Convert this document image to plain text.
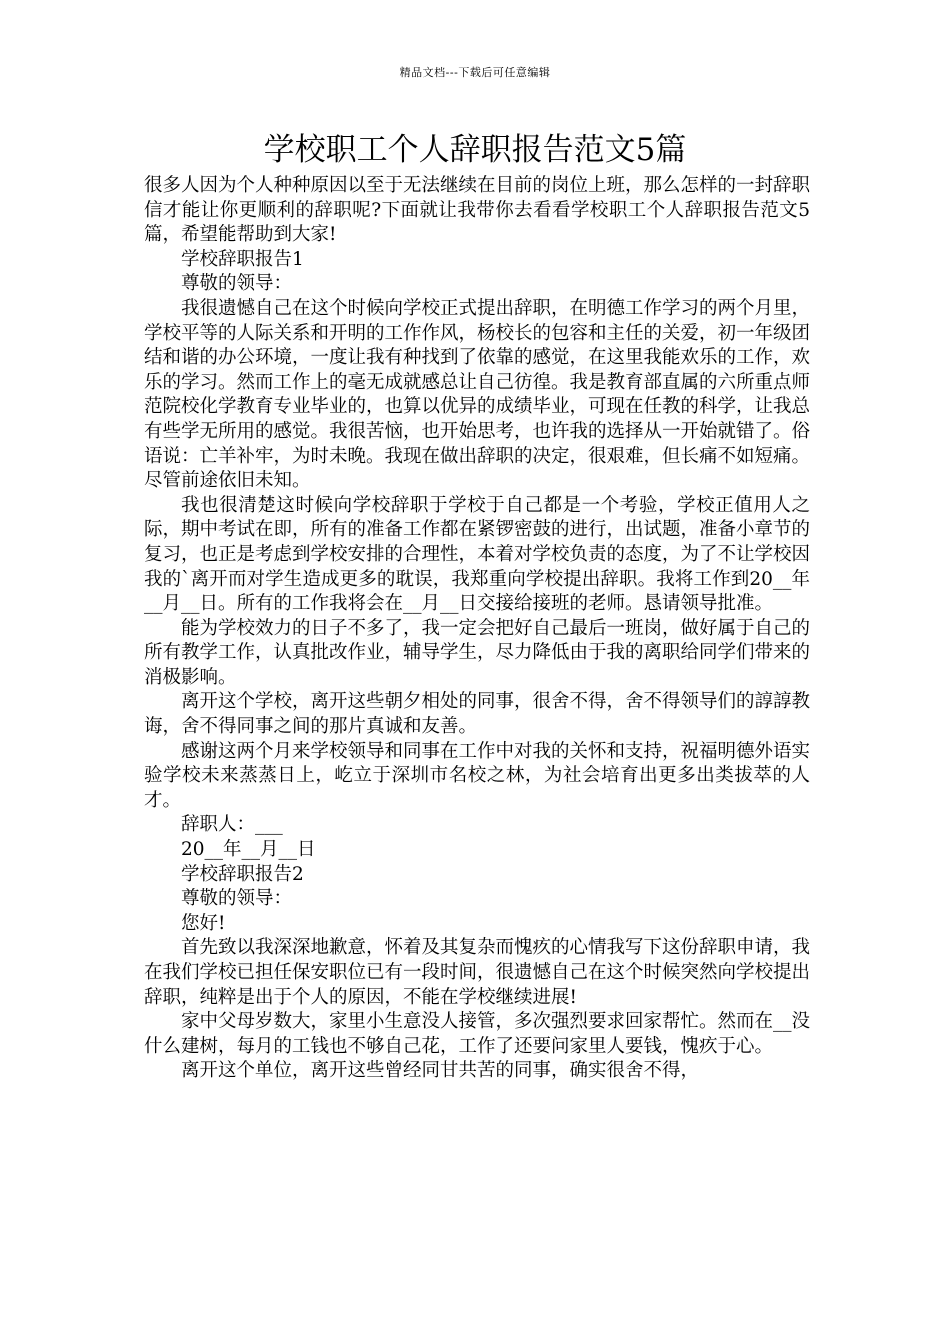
精品文档---下载后可任意编辑
学校职工个人辞职报告范文5篇

很多人因为个人种种原因以至于无法继续在目前的岗位上班，那么怎样的一封辞职信才能让你更顺利的辞职呢?下面就让我带你去看看学校职工个人辞职报告范文5篇，希望能帮助到大家!

学校辞职报告1

尊敬的领导：

我很遗憾自己在这个时候向学校正式提出辞职，在明德工作学习的两个月里，学校平等的人际关系和开明的工作作风，杨校长的包容和主任的关爱，初一年级团结和谐的办公环境，一度让我有种找到了依靠的感觉，在这里我能欢乐的工作，欢乐的学习。然而工作上的毫无成就感总让自己彷徨。我是教育部直属的六所重点师范院校化学教育专业毕业的，也算以优异的成绩毕业，可现在任教的科学，让我总有些学无所用的感觉。我很苦恼，也开始思考，也许我的选择从一开始就错了。俗语说：亡羊补牢，为时未晚。我现在做出辞职的决定，很艰难，但长痛不如短痛。尽管前途依旧未知。

我也很清楚这时候向学校辞职于学校于自己都是一个考验，学校正值用人之际，期中考试在即，所有的准备工作都在紧锣密鼓的进行，出试题，准备小章节的复习，也正是考虑到学校安排的合理性，本着对学校负责的态度，为了不让学校因我的`离开而对学生造成更多的耽误，我郑重向学校提出辞职。我将工作到20__年__月__日。所有的工作我将会在__月__日交接给接班的老师。恳请领导批准。

能为学校效力的日子不多了，我一定会把好自己最后一班岗，做好属于自己的所有教学工作，认真批改作业，辅导学生，尽力降低由于我的离职给同学们带来的消极影响。

离开这个学校，离开这些朝夕相处的同事，很舍不得，舍不得领导们的諄諄教诲，舍不得同事之间的那片真诚和友善。

感谢这两个月来学校领导和同事在工作中对我的关怀和支持，祝福明德外语实验学校未来蒸蒸日上，屹立于深圳市名校之林，为社会培育出更多出类拔萃的人才。

辞职人：___

20__年__月__日

学校辞职报告2

尊敬的领导：

您好!

首先致以我深深地歉意，怀着及其复杂而愧疚的心情我写下这份辞职申请，我在我们学校已担任保安职位已有一段时间，很遗憾自己在这个时候突然向学校提出辞职，纯粹是出于个人的原因，不能在学校继续进展!

家中父母岁数大，家里小生意没人接管，多次强烈要求回家帮忙。然而在__没什么建树，每月的工钱也不够自己花，工作了还要问家里人要钱，愧疚于心。

离开这个单位，离开这些曾经同甘共苦的同事，确实很舍不得，
